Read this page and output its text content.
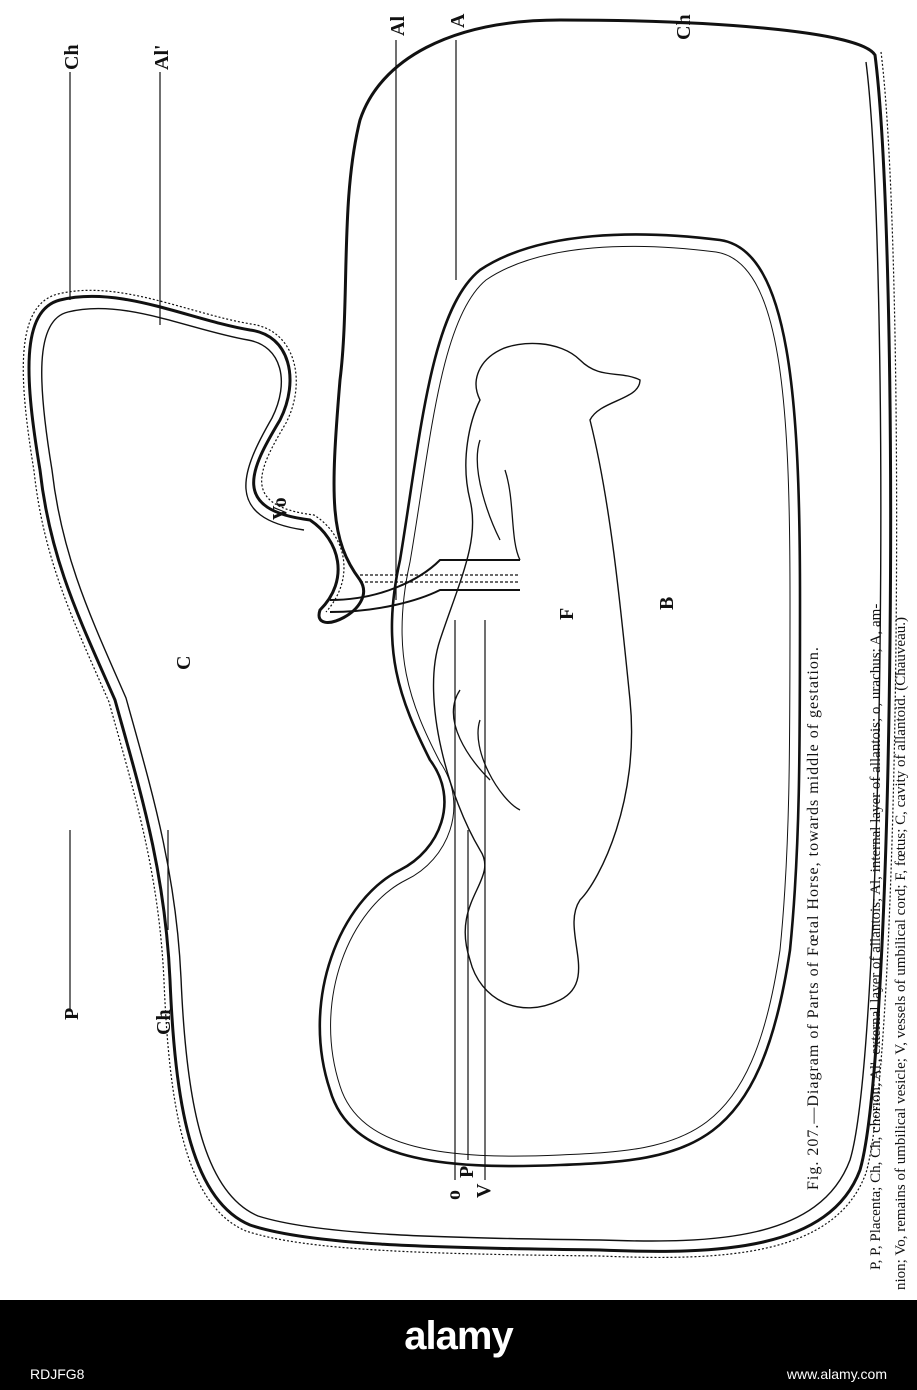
Ch	Al'
Al A	Ch
Vo
C
F
B
P	Ch
P
o V
Fig. 207.—Diagram of Parts of Fœtal Horse, towards middle of gestation.	P, P, Placenta; Ch, Ch, chorion; Al', external layer of allantois; Al, internal layer of allantois; o, urachus; A, am- nion; Vo, remains of umbilical vesicle; V, vessels of umbilical cord; F, fœtus; C, cavity of allantoid. (Chauveau.)
alamy
RDJFG8	www.alamy.com
